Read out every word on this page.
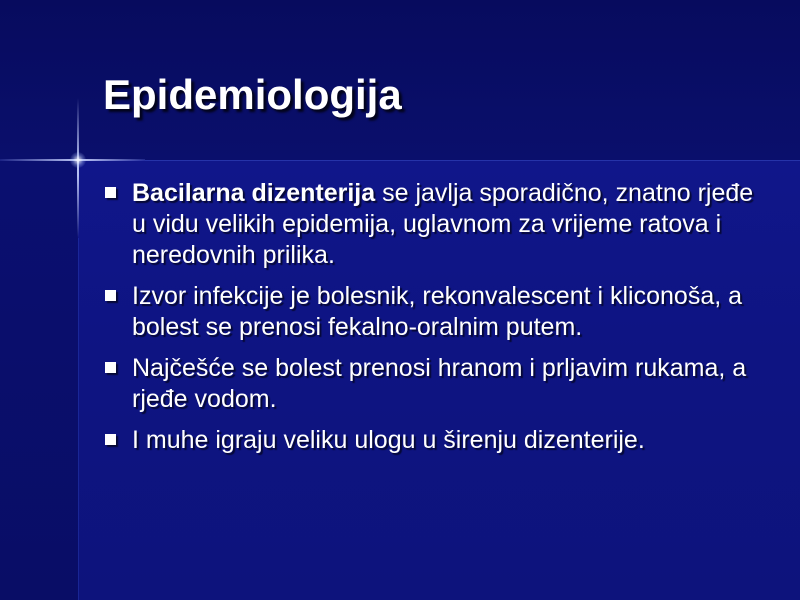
Epidemiologija
Bacilarna dizenterija se javlja sporadično, znatno rjeđe u vidu velikih epidemija, uglavnom za vrijeme ratova i neredovnih prilika.
Izvor infekcije je bolesnik, rekonvalescent i kliconoša, a bolest se prenosi fekalno-oralnim putem.
Najčešće se bolest prenosi hranom i prljavim rukama, a rjeđe vodom.
I muhe igraju veliku ulogu u širenju dizenterije.
